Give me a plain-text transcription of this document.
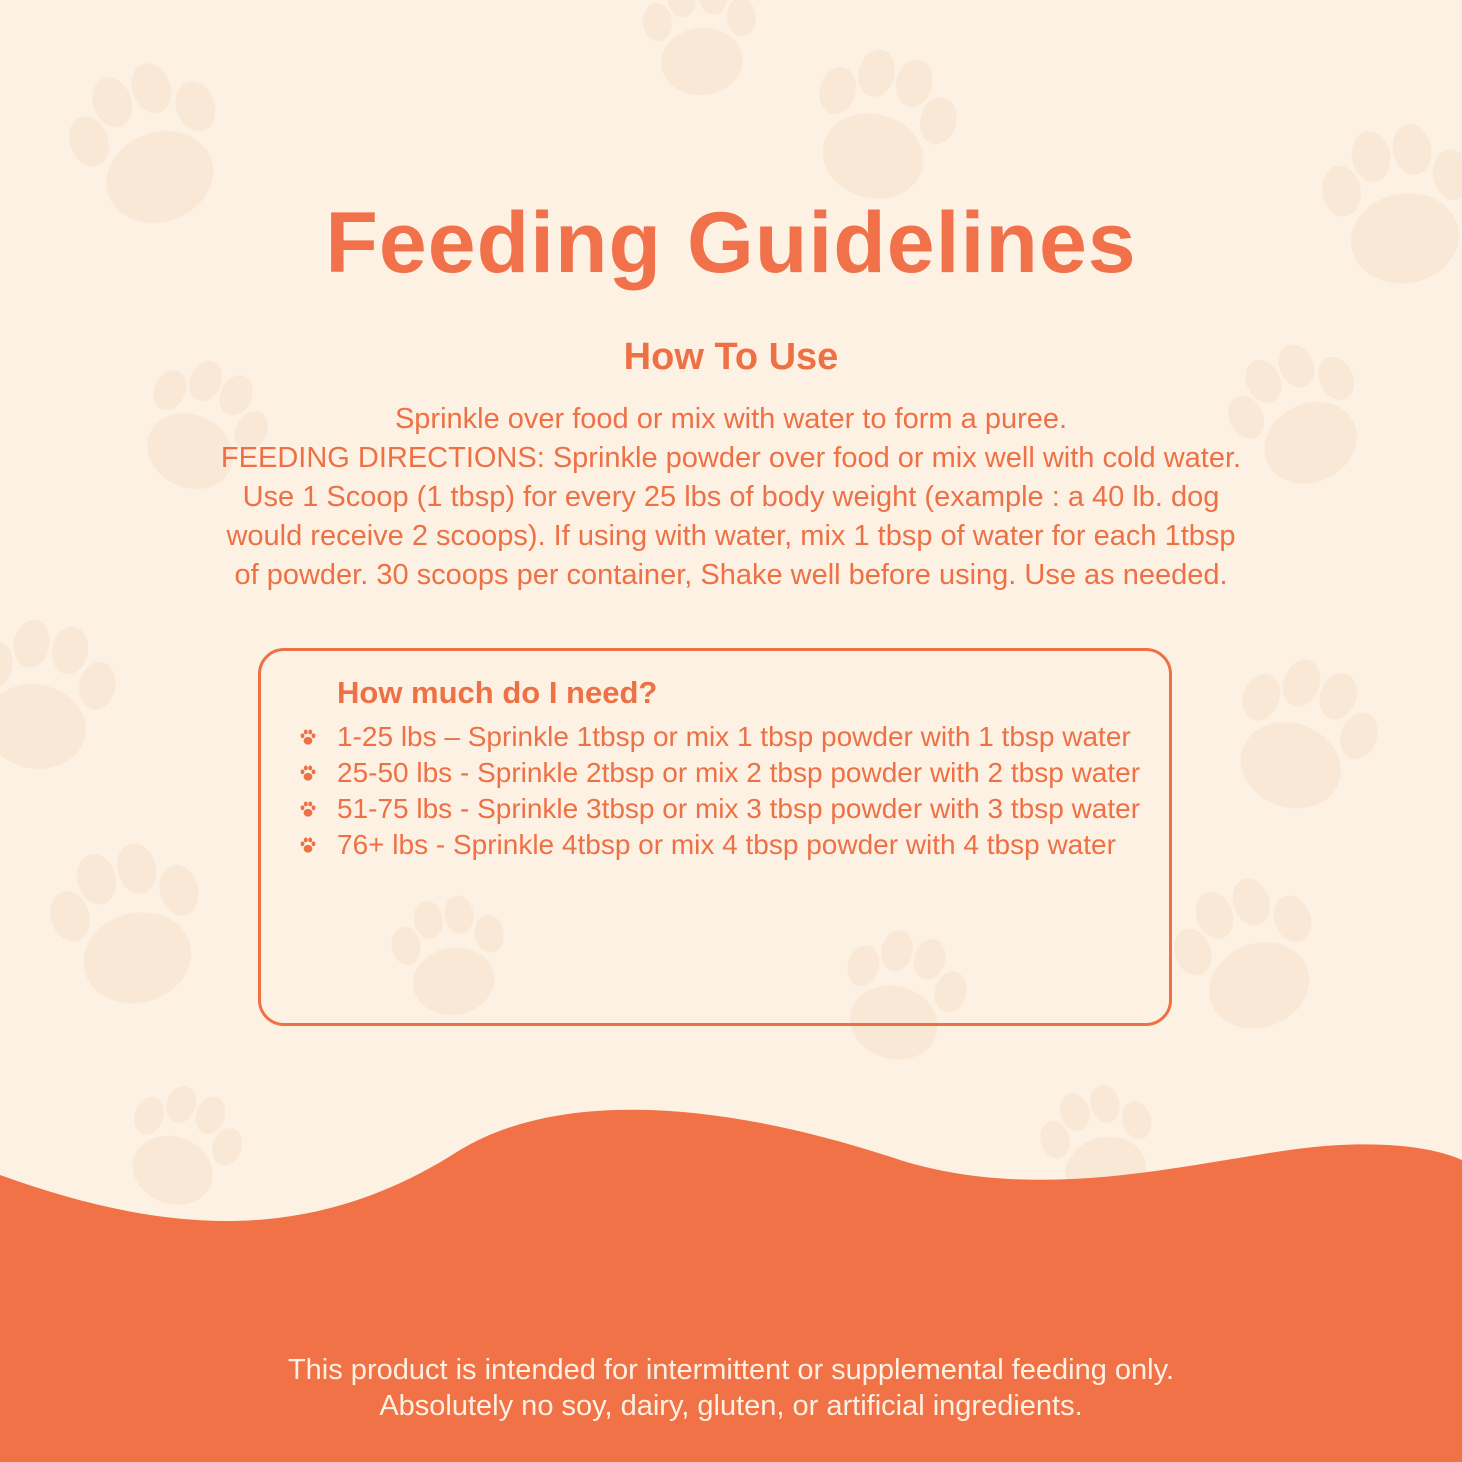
Feeding Guidelines
How To Use
Sprinkle over food or mix with water to form a puree.
FEEDING DIRECTIONS: Sprinkle powder over food or mix well with cold water.
Use 1 Scoop (1 tbsp) for every 25 lbs of body weight (example : a 40 lb. dog
would receive 2 scoops). If using with water, mix 1 tbsp of water for each 1tbsp
of powder. 30 scoops per container, Shake well before using. Use as needed.
How much do I need?
1-25 lbs – Sprinkle 1tbsp or mix 1 tbsp powder with 1 tbsp water
25-50 lbs - Sprinkle 2tbsp or mix 2 tbsp powder with 2 tbsp water
51-75 lbs - Sprinkle 3tbsp or mix 3 tbsp powder with 3 tbsp water
76+ lbs - Sprinkle 4tbsp or mix 4 tbsp powder with 4 tbsp water
This product is intended for intermittent or supplemental feeding only.
Absolutely no soy, dairy, gluten, or artificial ingredients.
